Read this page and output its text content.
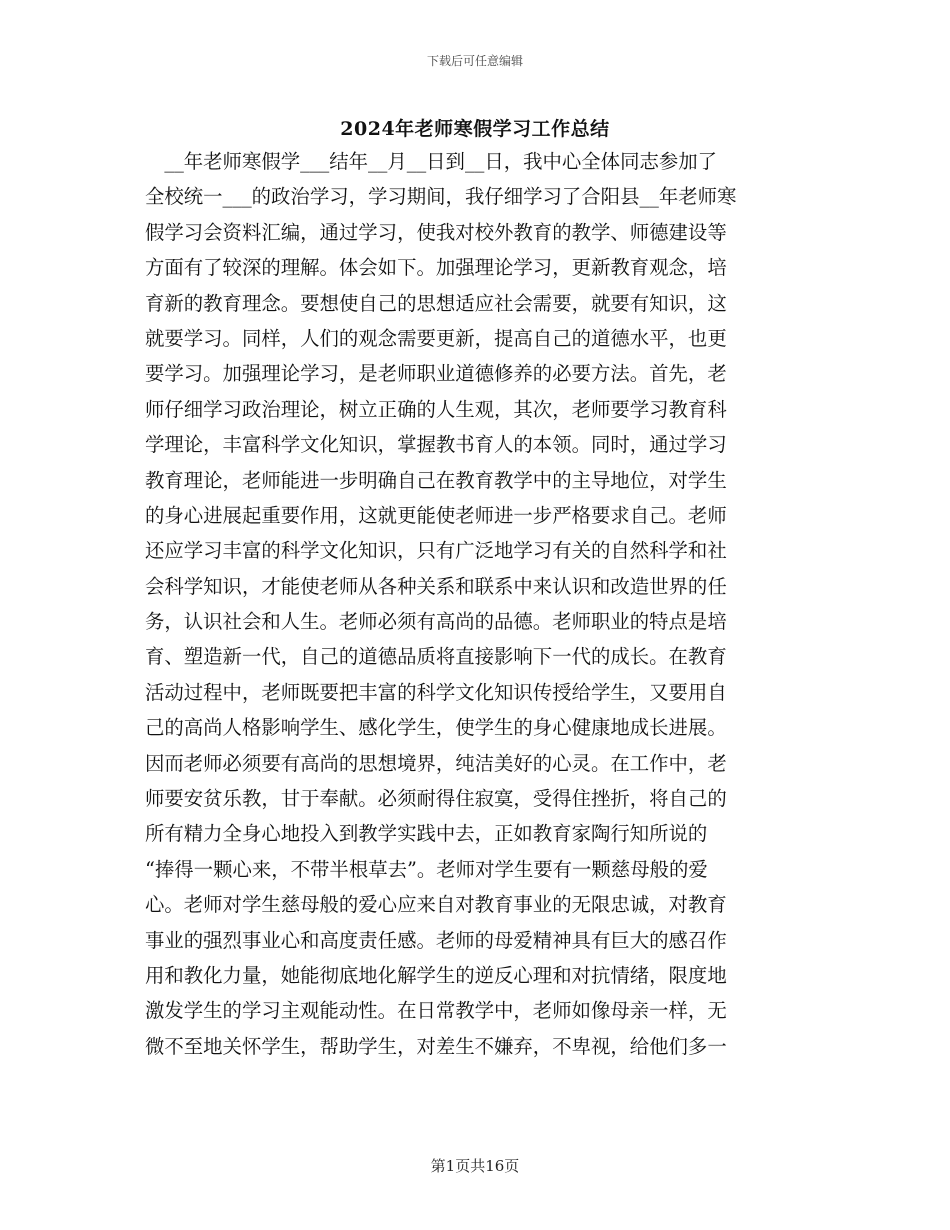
下载后可任意编辑
2024年老师寒假学习工作总结
　__年老师寒假学___结年__月__日到__日，我中心全体同志参加了
全校统一___的政治学习，学习期间，我仔细学习了合阳县__年老师寒
假学习会资料汇编，通过学习，使我对校外教育的教学、师德建设等
方面有了较深的理解。体会如下。加强理论学习，更新教育观念，培
育新的教育理念。要想使自己的思想适应社会需要，就要有知识，这
就要学习。同样，人们的观念需要更新，提高自己的道德水平，也更
要学习。加强理论学习，是老师职业道德修养的必要方法。首先，老
师仔细学习政治理论，树立正确的人生观，其次，老师要学习教育科
学理论，丰富科学文化知识，掌握教书育人的本领。同时，通过学习
教育理论，老师能进一步明确自己在教育教学中的主导地位，对学生
的身心进展起重要作用，这就更能使老师进一步严格要求自己。老师
还应学习丰富的科学文化知识，只有广泛地学习有关的自然科学和社
会科学知识，才能使老师从各种关系和联系中来认识和改造世界的任
务，认识社会和人生。老师必须有高尚的品德。老师职业的特点是培
育、塑造新一代，自己的道德品质将直接影响下一代的成长。在教育
活动过程中，老师既要把丰富的科学文化知识传授给学生，又要用自
己的高尚人格影响学生、感化学生，使学生的身心健康地成长进展。
因而老师必须要有高尚的思想境界，纯洁美好的心灵。在工作中，老
师要安贫乐教，甘于奉献。必须耐得住寂寞，受得住挫折，将自己的
所有精力全身心地投入到教学实践中去，正如教育家陶行知所说的
“捧得一颗心来，不带半根草去”。老师对学生要有一颗慈母般的爱
心。老师对学生慈母般的爱心应来自对教育事业的无限忠诚，对教育
事业的强烈事业心和高度责任感。老师的母爱精神具有巨大的感召作
用和教化力量，她能彻底地化解学生的逆反心理和对抗情绪，限度地
激发学生的学习主观能动性。在日常教学中，老师如像母亲一样，无
微不至地关怀学生，帮助学生，对差生不嫌弃，不卑视，给他们多一
第1页共16页
